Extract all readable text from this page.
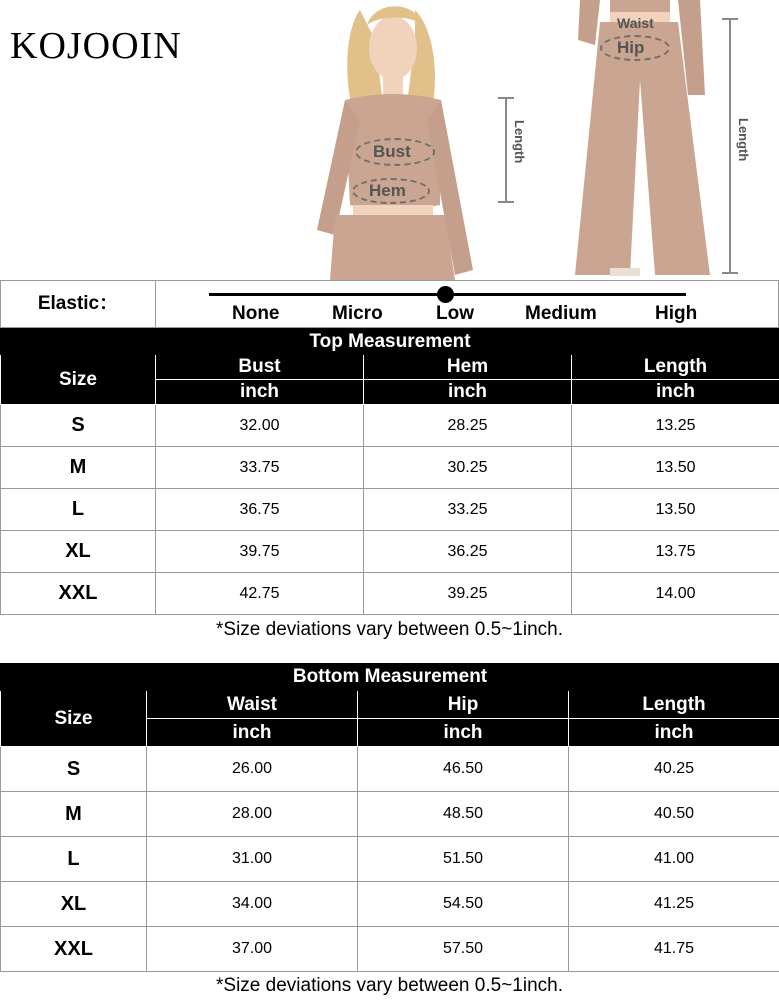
KOJOOIN
Bust
Hem
Length
Waist
Hip
Length
Elastic：	None	Micro	Low	Medium	High
Top Measurement			
Size	Bust	Hem	Length
	inch	inch	inch
S	32.00	28.25	13.25
M	33.75	30.25	13.50
L	36.75	33.25	13.50
XL	39.75	36.25	13.75
XXL	42.75	39.25	14.00
*Size deviations vary between 0.5~1inch.
Bottom Measurement			
Size	Waist	Hip	Length
	inch	inch	inch
S	26.00	46.50	40.25
M	28.00	48.50	40.50
L	31.00	51.50	41.00
XL	34.00	54.50	41.25
XXL	37.00	57.50	41.75
*Size deviations vary between 0.5~1inch.
